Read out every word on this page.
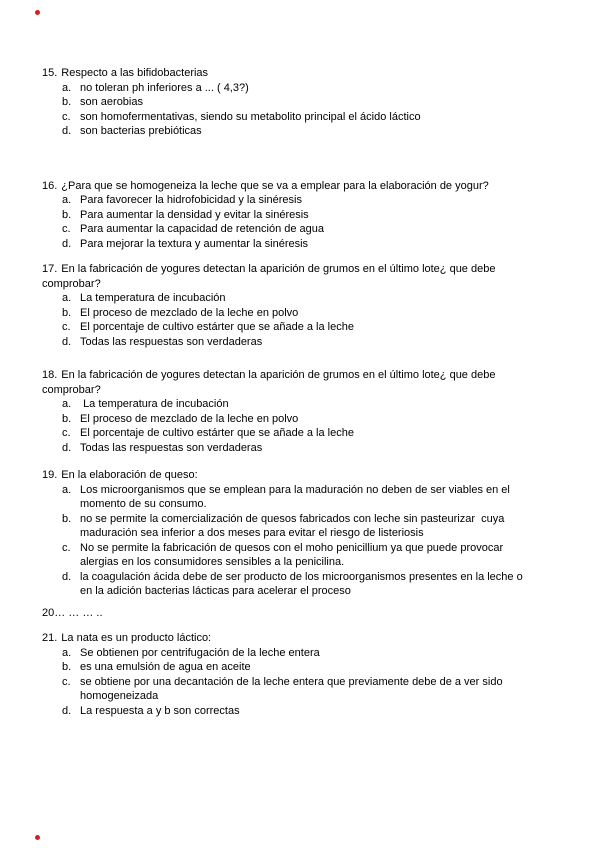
15. Respecto a las bifidobacterias
a. no toleran ph inferiores a ... ( 4,3?)
b. son aerobias
c. son homofermentativas, siendo su metabolito principal el ácido láctico
d. son bacterias prebióticas
16. ¿Para que se homogeneiza la leche que se va a emplear para la elaboración de yogur?
a. Para favorecer la hidrofobicidad y la sinéresis
b. Para aumentar la densidad y evitar la sinéresis
c. Para aumentar la capacidad de retención de agua
d. Para mejorar la textura y aumentar la sinéresis
17. En la fabricación de yogures detectan la aparición de grumos en el último lote¿ que debe comprobar?
a. La temperatura de incubación
b. El proceso de mezclado de la leche en polvo
c. El porcentaje de cultivo estárter que se añade a la leche
d. Todas las respuestas son verdaderas
18. En la fabricación de yogures detectan la aparición de grumos en el último lote¿ que debe comprobar?
a. La temperatura de incubación
b. El proceso de mezclado de la leche en polvo
c. El porcentaje de cultivo estárter que se añade a la leche
d. Todas las respuestas son verdaderas
19. En la elaboración de queso:
a. Los microorganismos que se emplean para la maduración no deben de ser viables en el momento de su consumo.
b. no se permite la comercialización de quesos fabricados con leche sin pasteurizar  cuya maduración sea inferior a dos meses para evitar el riesgo de listeriosis
c. No se permite la fabricación de quesos con el moho penicillium ya que puede provocar alergias en los consumidores sensibles a la penicilina.
d. la coagulación ácida debe de ser producto de los microorganismos presentes en la leche o en la adición bacterias lácticas para acelerar el proceso
20… … … ..
21. La nata es un producto láctico:
a. Se obtienen por centrifugación de la leche entera
b. es una emulsión de agua en aceite
c. se obtiene por una decantación de la leche entera que previamente debe de a ver sido homogeneizada
d. La respuesta a y b son correctas
